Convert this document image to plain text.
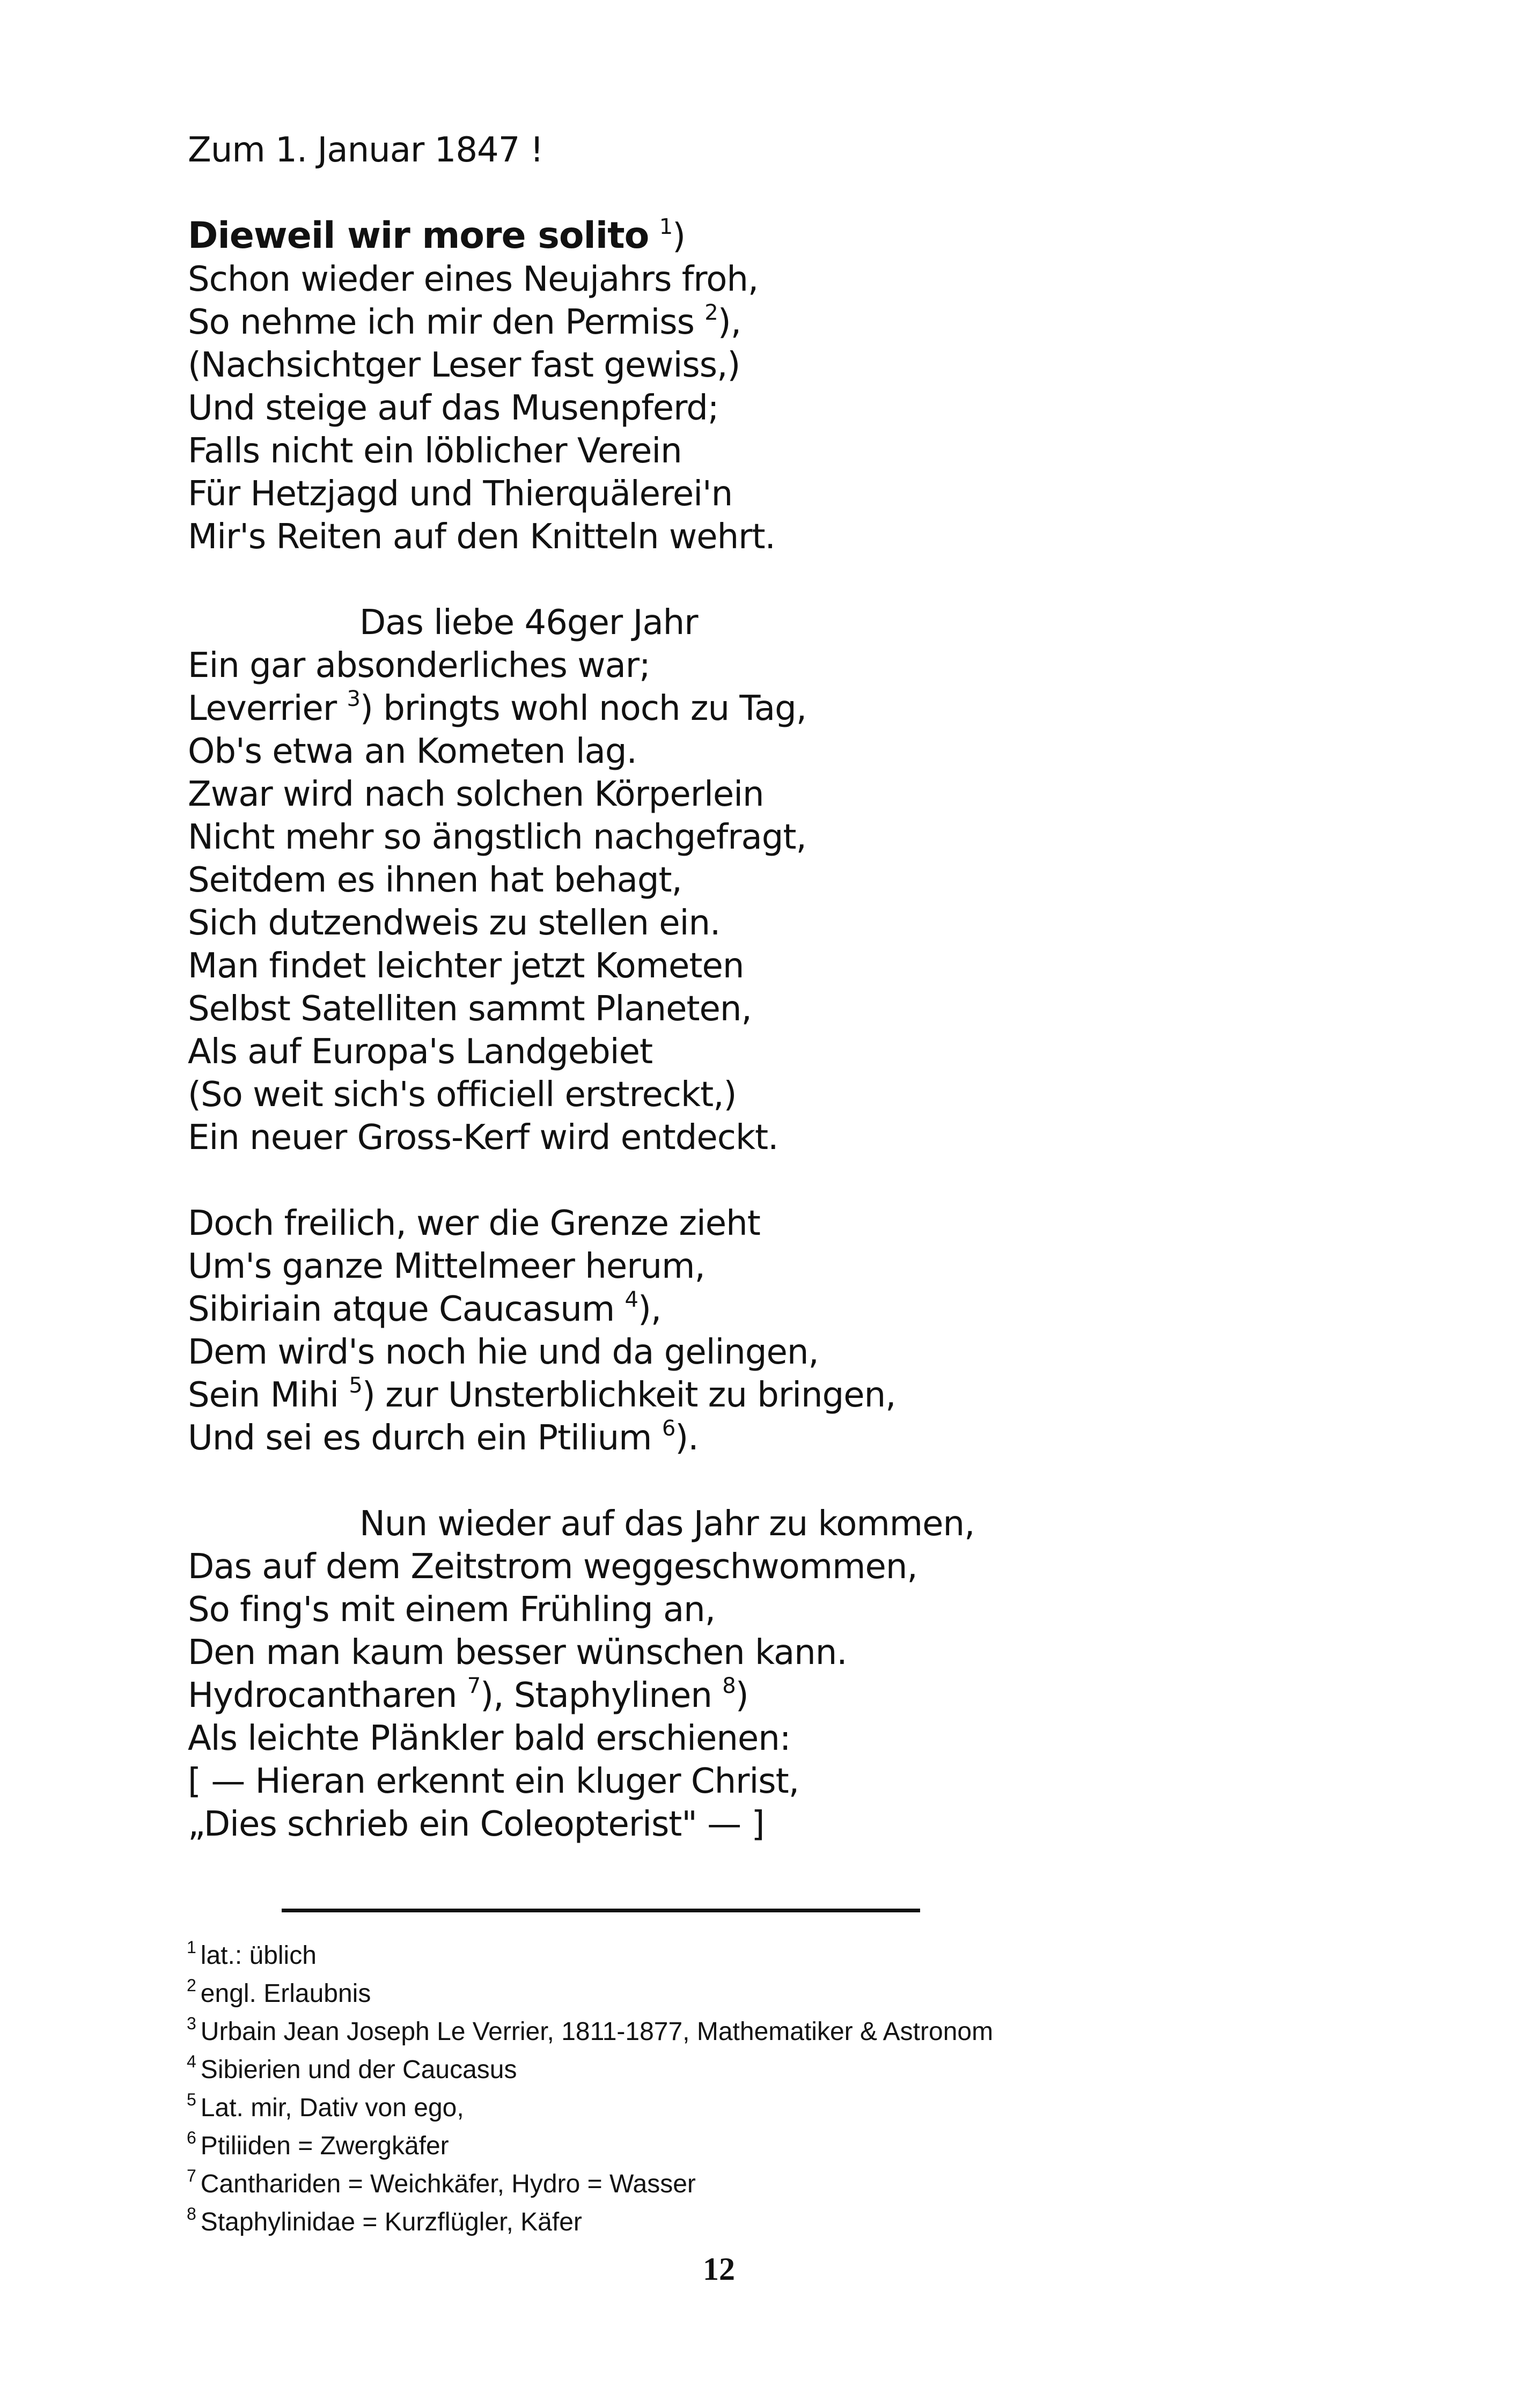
Zum 1. Januar 1847 !
Dieweil wir more solito $^1$)
Schon wieder eines Neujahrs froh,
So nehme ich mir den Permiss $^2$),
(Nachsichtger Leser fast gewiss,)
Und steige auf das Musenpferd;
Falls nicht ein löblicher Verein
Für Hetzjagd und Thierquälerei'n
Mir's Reiten auf den Knitteln wehrt.
Das liebe 46ger Jahr
Ein gar absonderliches war;
Leverrier $^3$) bringts wohl noch zu Tag,
Ob's etwa an Kometen lag.
Zwar wird nach solchen Körperlein
Nicht mehr so ängstlich nachgefragt,
Seitdem es ihnen hat behagt,
Sich dutzendweis zu stellen ein.
Man findet leichter jetzt Kometen
Selbst Satelliten sammt Planeten,
Als auf Europa's Landgebiet
(So weit sich's officiell erstreckt,)
Ein neuer Gross-Kerf wird entdeckt.
Doch freilich, wer die Grenze zieht
Um's ganze Mittelmeer herum,
Sibiriain atque Caucasum $^4$),
Dem wird's noch hie und da gelingen,
Sein Mihi $^5$) zur Unsterblichkeit zu bringen,
Und sei es durch ein Ptilium $^6$).
Nun wieder auf das Jahr zu kommen,
Das auf dem Zeitstrom weggeschwommen,
So fing's mit einem Frühling an,
Den man kaum besser wünschen kann.
Hydrocantharen $^7$), Staphylinen $^8$)
Als leichte Plänkler bald erschienen:
[ — Hieran erkennt ein kluger Christ,
„Dies schrieb ein Coleopterist" — ]
$^1$ lat.: üblich
$^2$ engl. Erlaubnis
$^3$ Urbain Jean Joseph Le Verrier, 1811-1877, Mathematiker & Astronom
$^4$ Sibierien und der Caucasus
$^5$ Lat. mir, Dativ von ego,
$^6$ Ptiliiden = Zwergkäfer
$^7$ Canthariden = Weichkäfer, Hydro = Wasser
$^8$ Staphylinidae = Kurzflügler, Käfer
12
